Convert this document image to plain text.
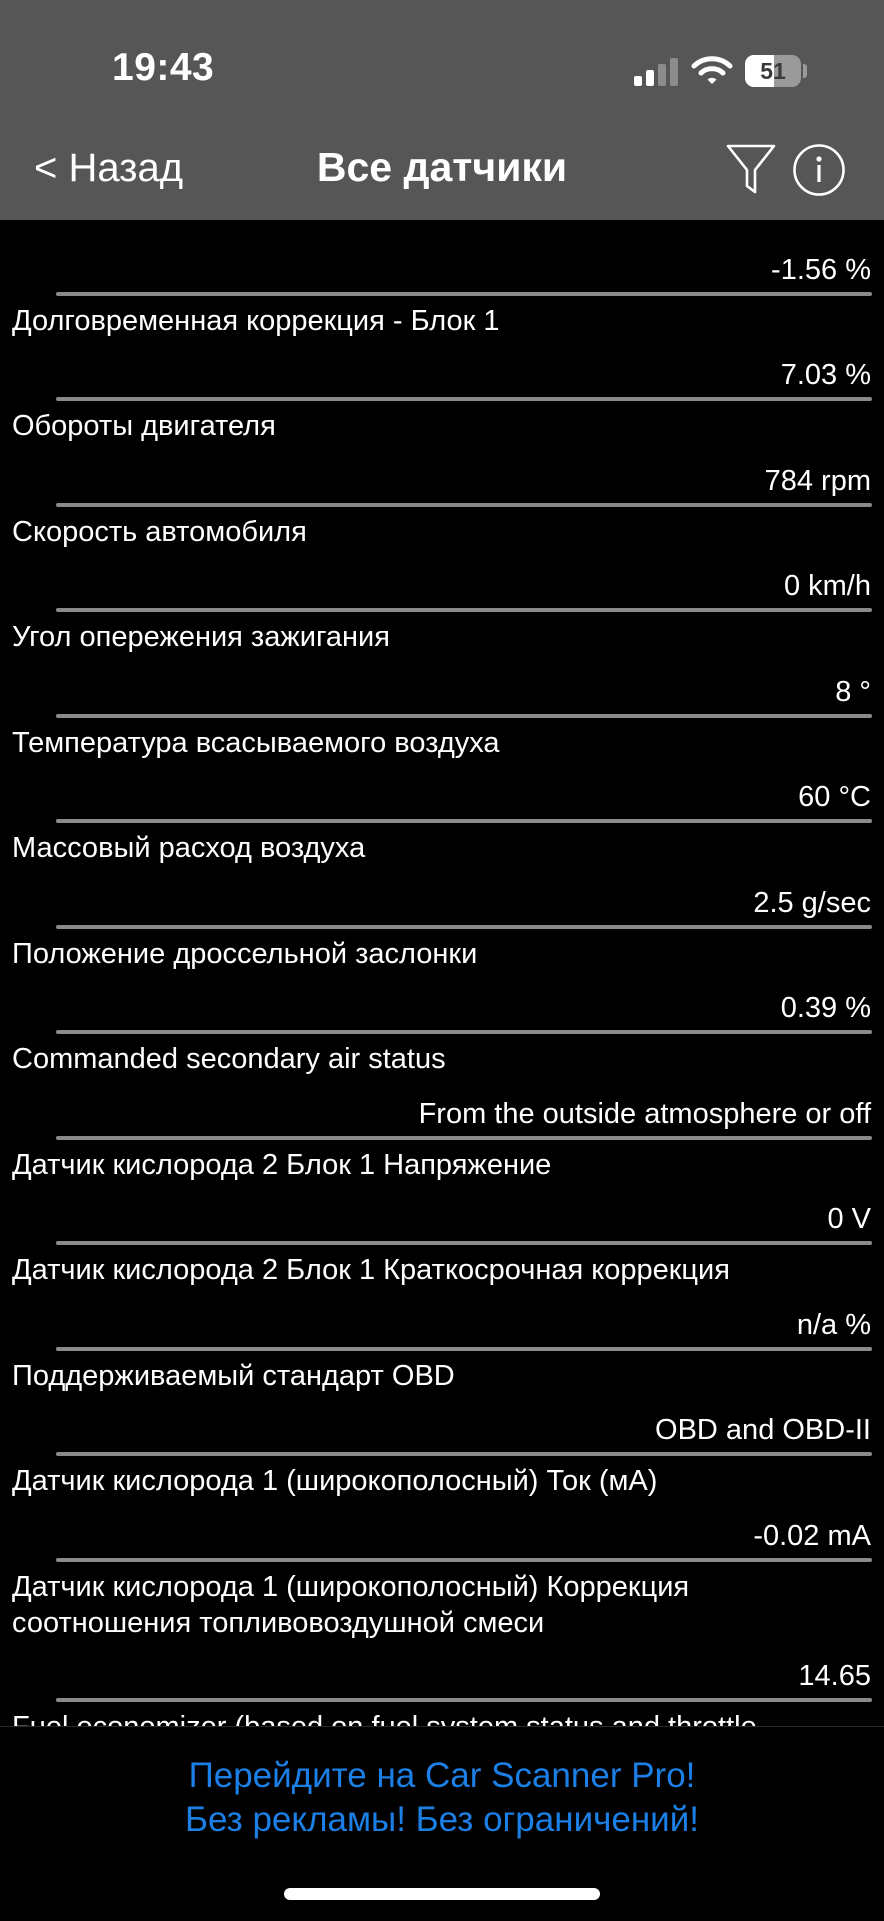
19:43	51
< Назад	Все датчики
-1.56 %
Долговременная коррекция - Блок 1
7.03 %
Обороты двигателя
784 rpm
Скорость автомобиля
0 km/h
Угол опережения зажигания
8 °
Температура всасываемого воздуха
60 °C
Массовый расход воздуха
2.5 g/sec
Положение дроссельной заслонки
0.39 %
Commanded secondary air status
From the outside atmosphere or off
Датчик кислорода 2 Блок 1 Напряжение
0 V
Датчик кислорода 2 Блок 1 Краткосрочная коррекция
n/a %
Поддерживаемый стандарт OBD
OBD and OBD-II
Датчик кислорода 1 (широкополосный) Ток (мА)
-0.02 mA
Датчик кислорода 1 (широкополосный) Коррекция соотношения топливовоздушной смеси
14.65
Перейдите на Car Scanner Pro!
Без рекламы! Без ограничений!
